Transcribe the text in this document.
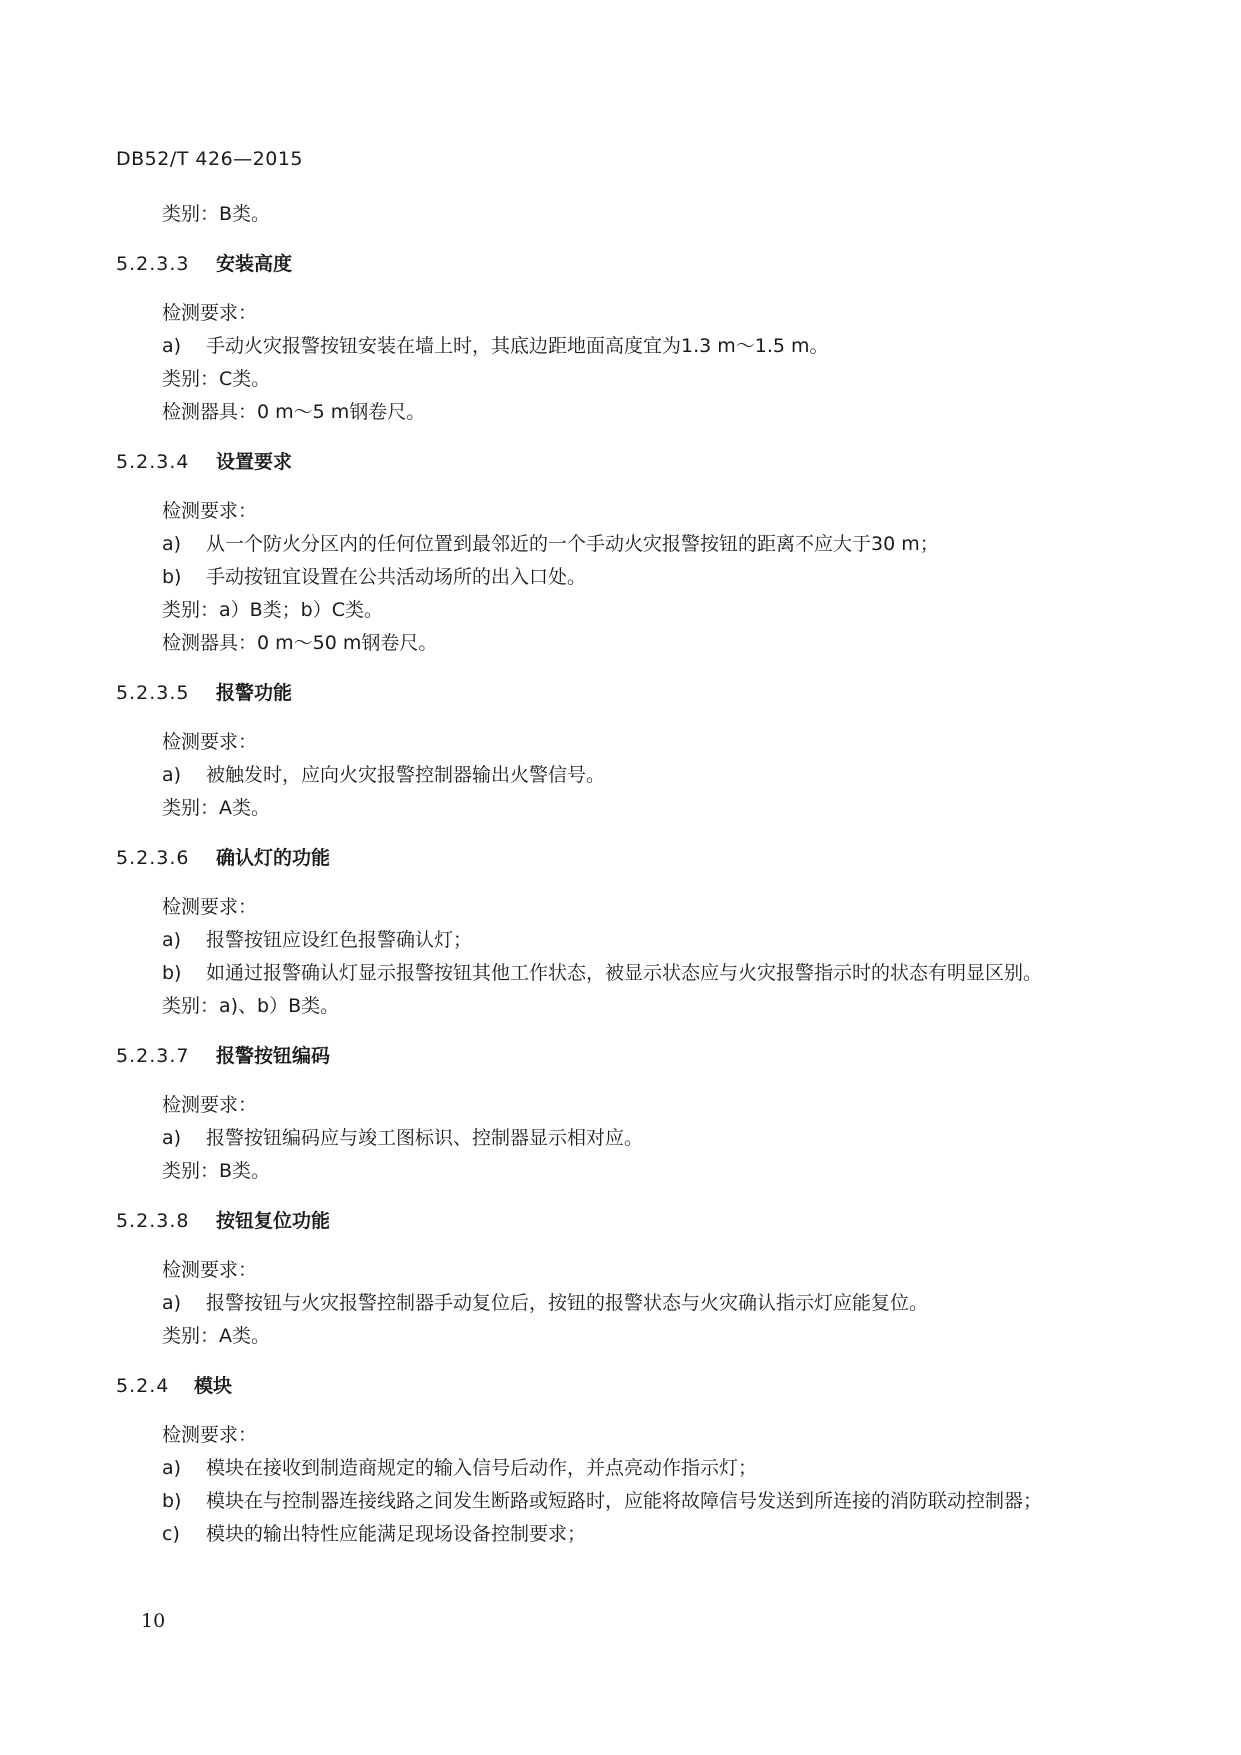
DB52/T 426—2015
类别：B类。
5.2.3.3	安装高度
检测要求：
a)	手动火灾报警按钮安装在墙上时，其底边距地面高度宜为1.3 m～1.5 m。
类别：C类。
检测器具：0 m～5 m钢卷尺。
5.2.3.4	设置要求
检测要求：
a)	从一个防火分区内的任何位置到最邻近的一个手动火灾报警按钮的距离不应大于30 m；
b)	手动按钮宜设置在公共活动场所的出入口处。
类别：a）B类；b）C类。
检测器具：0 m～50 m钢卷尺。
5.2.3.5	报警功能
检测要求：
a)	被触发时，应向火灾报警控制器输出火警信号。
类别：A类。
5.2.3.6	确认灯的功能
检测要求：
a)	报警按钮应设红色报警确认灯；
b)	如通过报警确认灯显示报警按钮其他工作状态，被显示状态应与火灾报警指示时的状态有明显区别。
类别：a)、b）B类。
5.2.3.7	报警按钮编码
检测要求：
a)	报警按钮编码应与竣工图标识、控制器显示相对应。
类别：B类。
5.2.3.8	按钮复位功能
检测要求：
a)	报警按钮与火灾报警控制器手动复位后，按钮的报警状态与火灾确认指示灯应能复位。
类别：A类。
5.2.4	模块
检测要求：
a)	模块在接收到制造商规定的输入信号后动作，并点亮动作指示灯；
b)	模块在与控制器连接线路之间发生断路或短路时，应能将故障信号发送到所连接的消防联动控制器；
c)	模块的输出特性应能满足现场设备控制要求；
10
